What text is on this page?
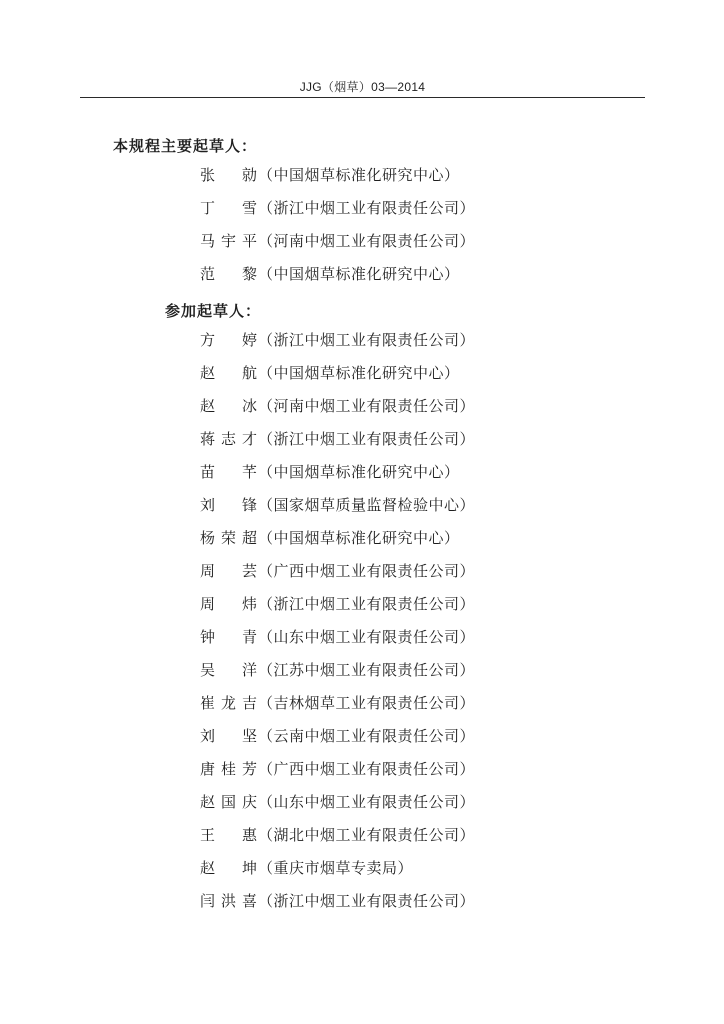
JJG（烟草）03—2014
本规程主要起草人：
张 勍（中国烟草标准化研究中心）
丁 雪（浙江中烟工业有限责任公司）
马宇平（河南中烟工业有限责任公司）
范 黎（中国烟草标准化研究中心）
参加起草人：
方 婷（浙江中烟工业有限责任公司）
赵 航（中国烟草标准化研究中心）
赵 冰（河南中烟工业有限责任公司）
蒋志才（浙江中烟工业有限责任公司）
苗 芊（中国烟草标准化研究中心）
刘 锋（国家烟草质量监督检验中心）
杨荣超（中国烟草标准化研究中心）
周 芸（广西中烟工业有限责任公司）
周 炜（浙江中烟工业有限责任公司）
钟 青（山东中烟工业有限责任公司）
吴 洋（江苏中烟工业有限责任公司）
崔龙吉（吉林烟草工业有限责任公司）
刘 坚（云南中烟工业有限责任公司）
唐桂芳（广西中烟工业有限责任公司）
赵国庆（山东中烟工业有限责任公司）
王 惠（湖北中烟工业有限责任公司）
赵 坤（重庆市烟草专卖局）
闫洪喜（浙江中烟工业有限责任公司）
